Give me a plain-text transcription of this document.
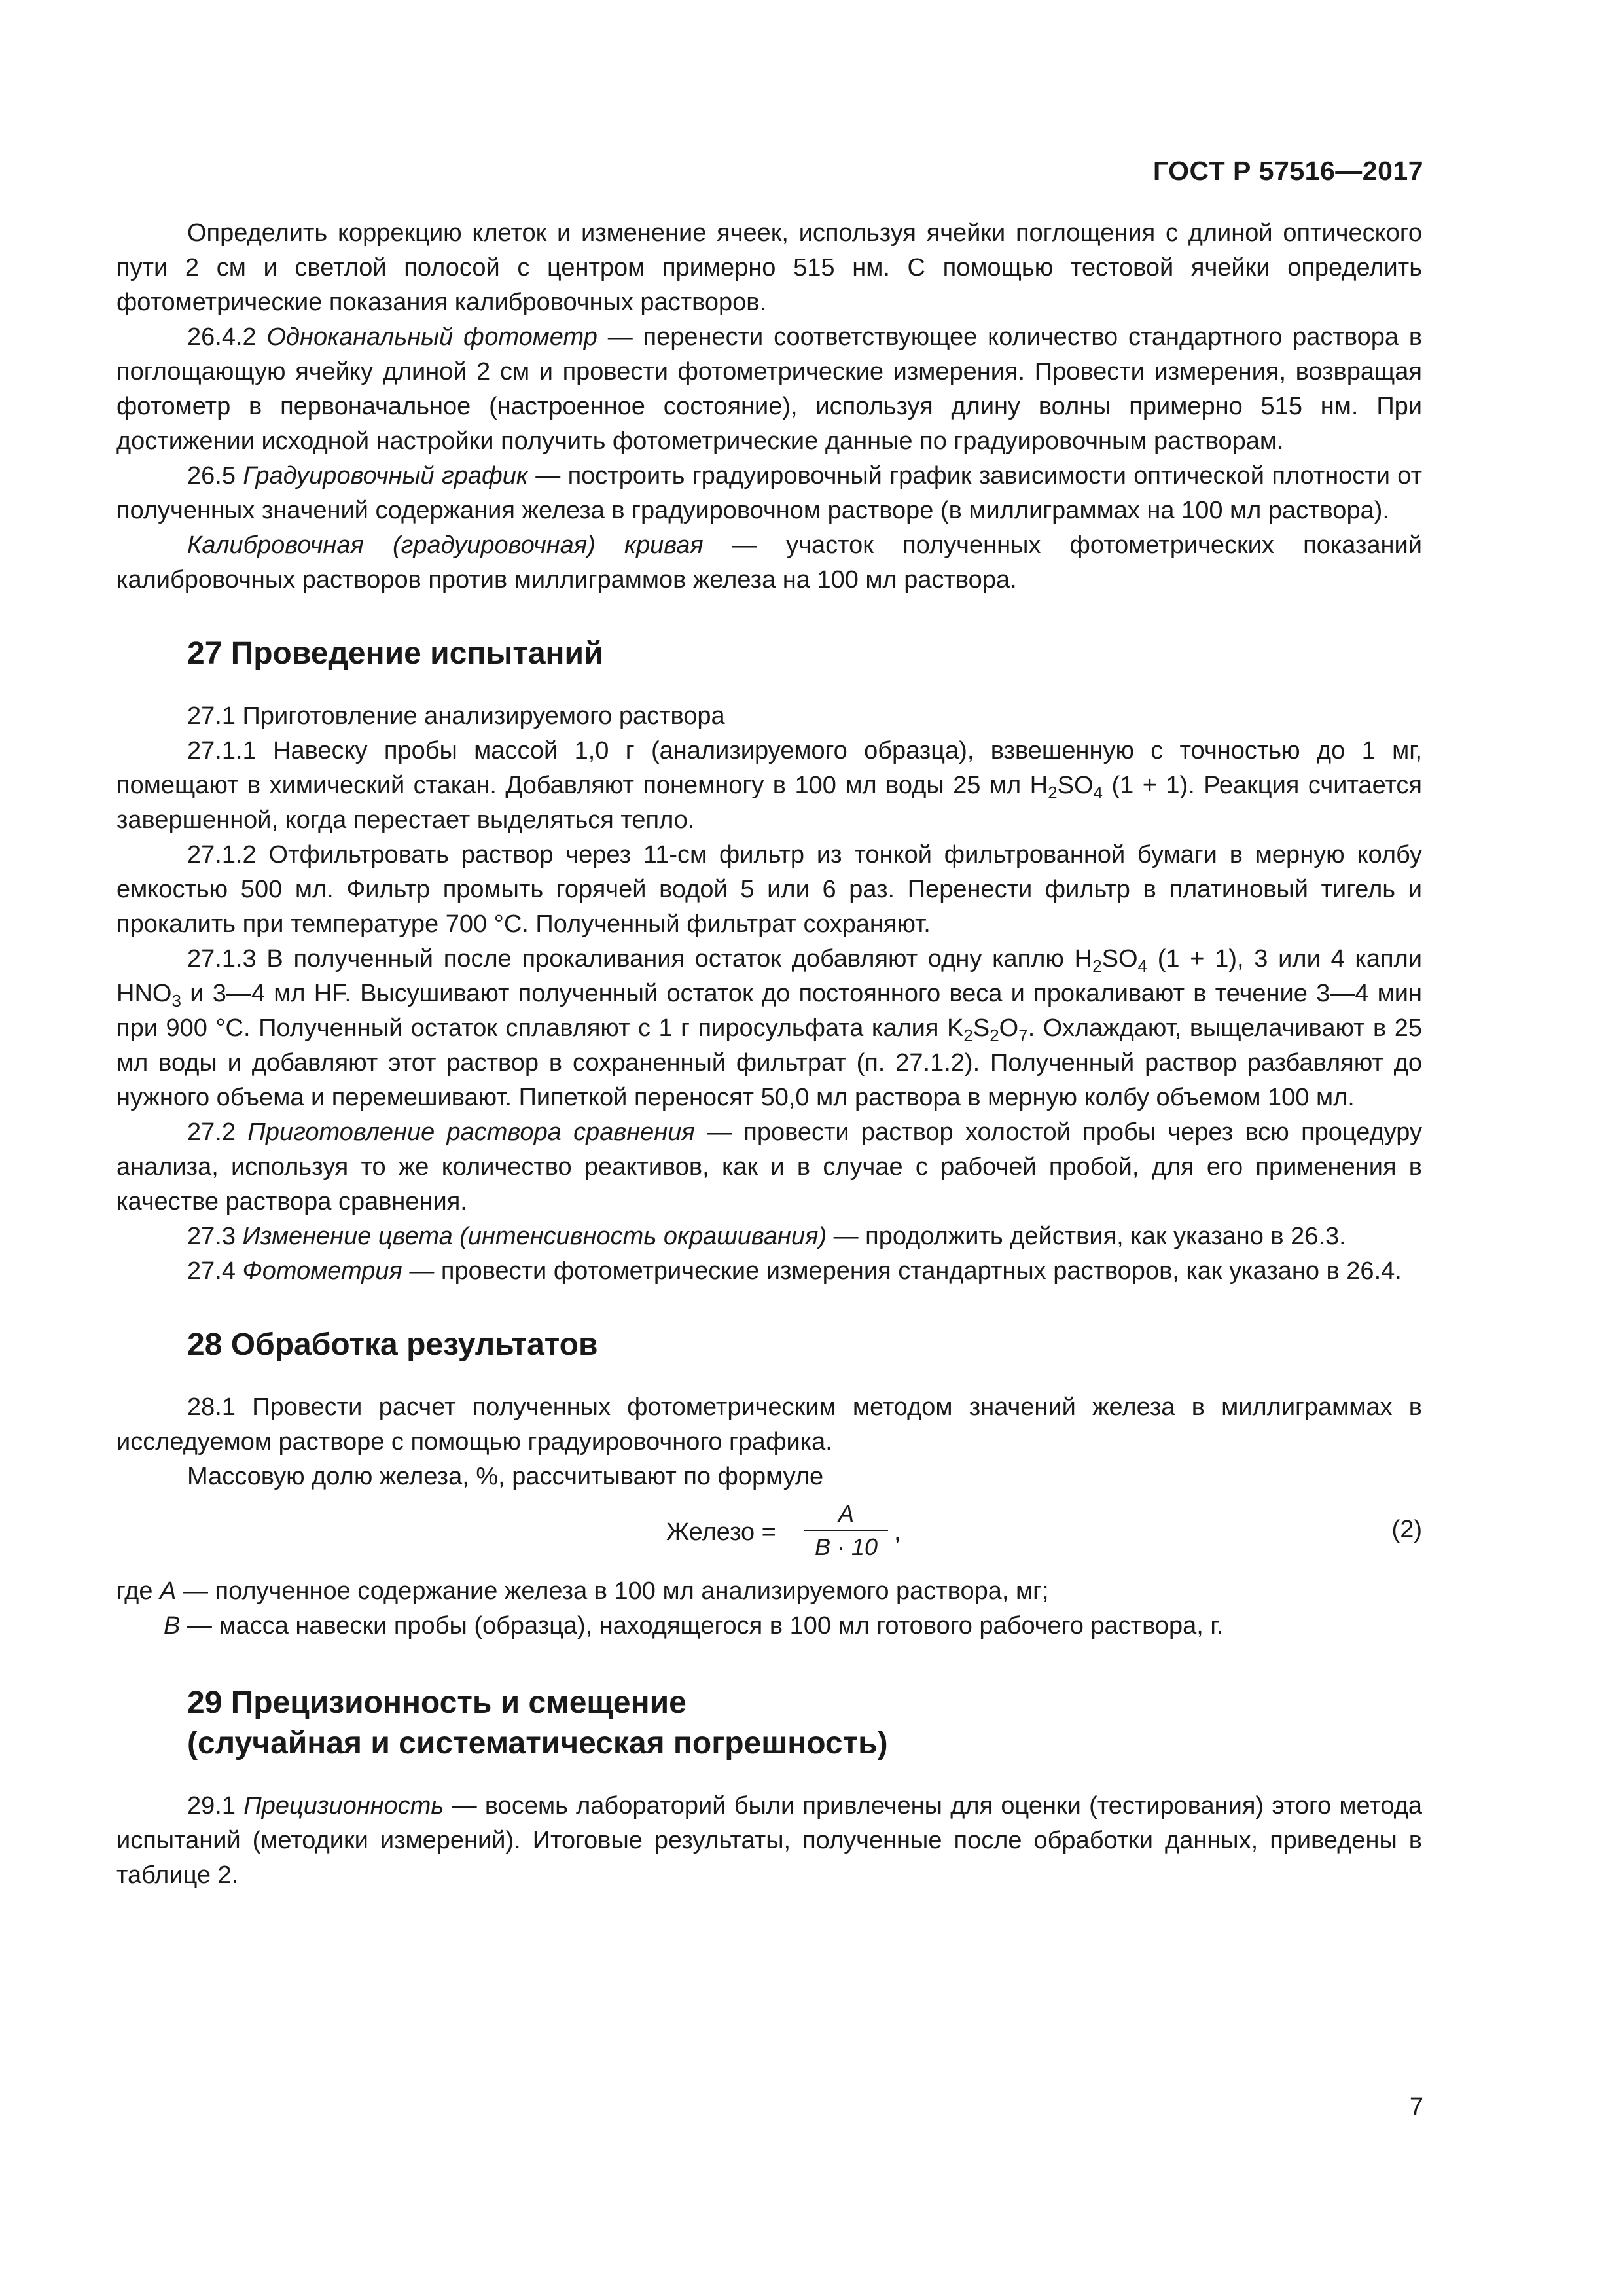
ГОСТ Р 57516—2017

Определить коррекцию клеток и изменение ячеек, используя ячейки поглощения с длиной оптического пути 2 см и светлой полосой с центром примерно 515 нм. С помощью тестовой ячейки определить фотометрические показания калибровочных растворов.

26.4.2 Одноканальный фотометр — перенести соответствующее количество стандартного раствора в поглощающую ячейку длиной 2 см и провести фотометрические измерения. Провести измерения, возвращая фотометр в первоначальное (настроенное состояние), используя длину волны примерно 515 нм. При достижении исходной настройки получить фотометрические данные по градуировочным растворам.

26.5 Градуировочный график — построить градуировочный график зависимости оптической плотности от полученных значений содержания железа в градуировочном растворе (в миллиграммах на 100 мл раствора).

Калибровочная (градуировочная) кривая — участок полученных фотометрических показаний калибровочных растворов против миллиграммов железа на 100 мл раствора.

27 Проведение испытаний

27.1 Приготовление анализируемого раствора

27.1.1 Навеску пробы массой 1,0 г (анализируемого образца), взвешенную с точностью до 1 мг, помещают в химический стакан. Добавляют понемногу в 100 мл воды 25 мл $H_2SO_4$ (1 + 1). Реакция считается завершенной, когда перестает выделяться тепло.

27.1.2 Отфильтровать раствор через 11-см фильтр из тонкой фильтрованной бумаги в мерную колбу емкостью 500 мл. Фильтр промыть горячей водой 5 или 6 раз. Перенести фильтр в платиновый тигель и прокалить при температуре 700 °С. Полученный фильтрат сохраняют.

27.1.3 В полученный после прокаливания остаток добавляют одну каплю $H_2SO_4$ (1 + 1), 3 или 4 капли $HNO_3$ и 3—4 мл HF. Высушивают полученный остаток до постоянного веса и прокаливают в течение 3—4 мин при 900 °С. Полученный остаток сплавляют с 1 г пиросульфата калия $K_2S_2O_7$. Охлаждают, выщелачивают в 25 мл воды и добавляют этот раствор в сохраненный фильтрат (п. 27.1.2). Полученный раствор разбавляют до нужного объема и перемешивают. Пипеткой переносят 50,0 мл раствора в мерную колбу объемом 100 мл.

27.2 Приготовление раствора сравнения — провести раствор холостой пробы через всю процедуру анализа, используя то же количество реактивов, как и в случае с рабочей пробой, для его применения в качестве раствора сравнения.

27.3 Изменение цвета (интенсивность окрашивания) — продолжить действия, как указано в 26.3.

27.4 Фотометрия — провести фотометрические измерения стандартных растворов, как указано в 26.4.

28 Обработка результатов

28.1 Провести расчет полученных фотометрическим методом значений железа в миллиграммах в исследуемом растворе с помощью градуировочного графика.

Массовую долю железа, %, рассчитывают по формуле

Железо =
A
B · 10
,	(2)

где A — полученное содержание железа в 100 мл анализируемого раствора, мг;

B — масса навески пробы (образца), находящегося в 100 мл готового рабочего раствора, г.

29 Прецизионность и смещение
(случайная и систематическая погрешность)

29.1 Прецизионность — восемь лабораторий были привлечены для оценки (тестирования) этого метода испытаний (методики измерений). Итоговые результаты, полученные после обработки данных, приведены в таблице 2.

7
